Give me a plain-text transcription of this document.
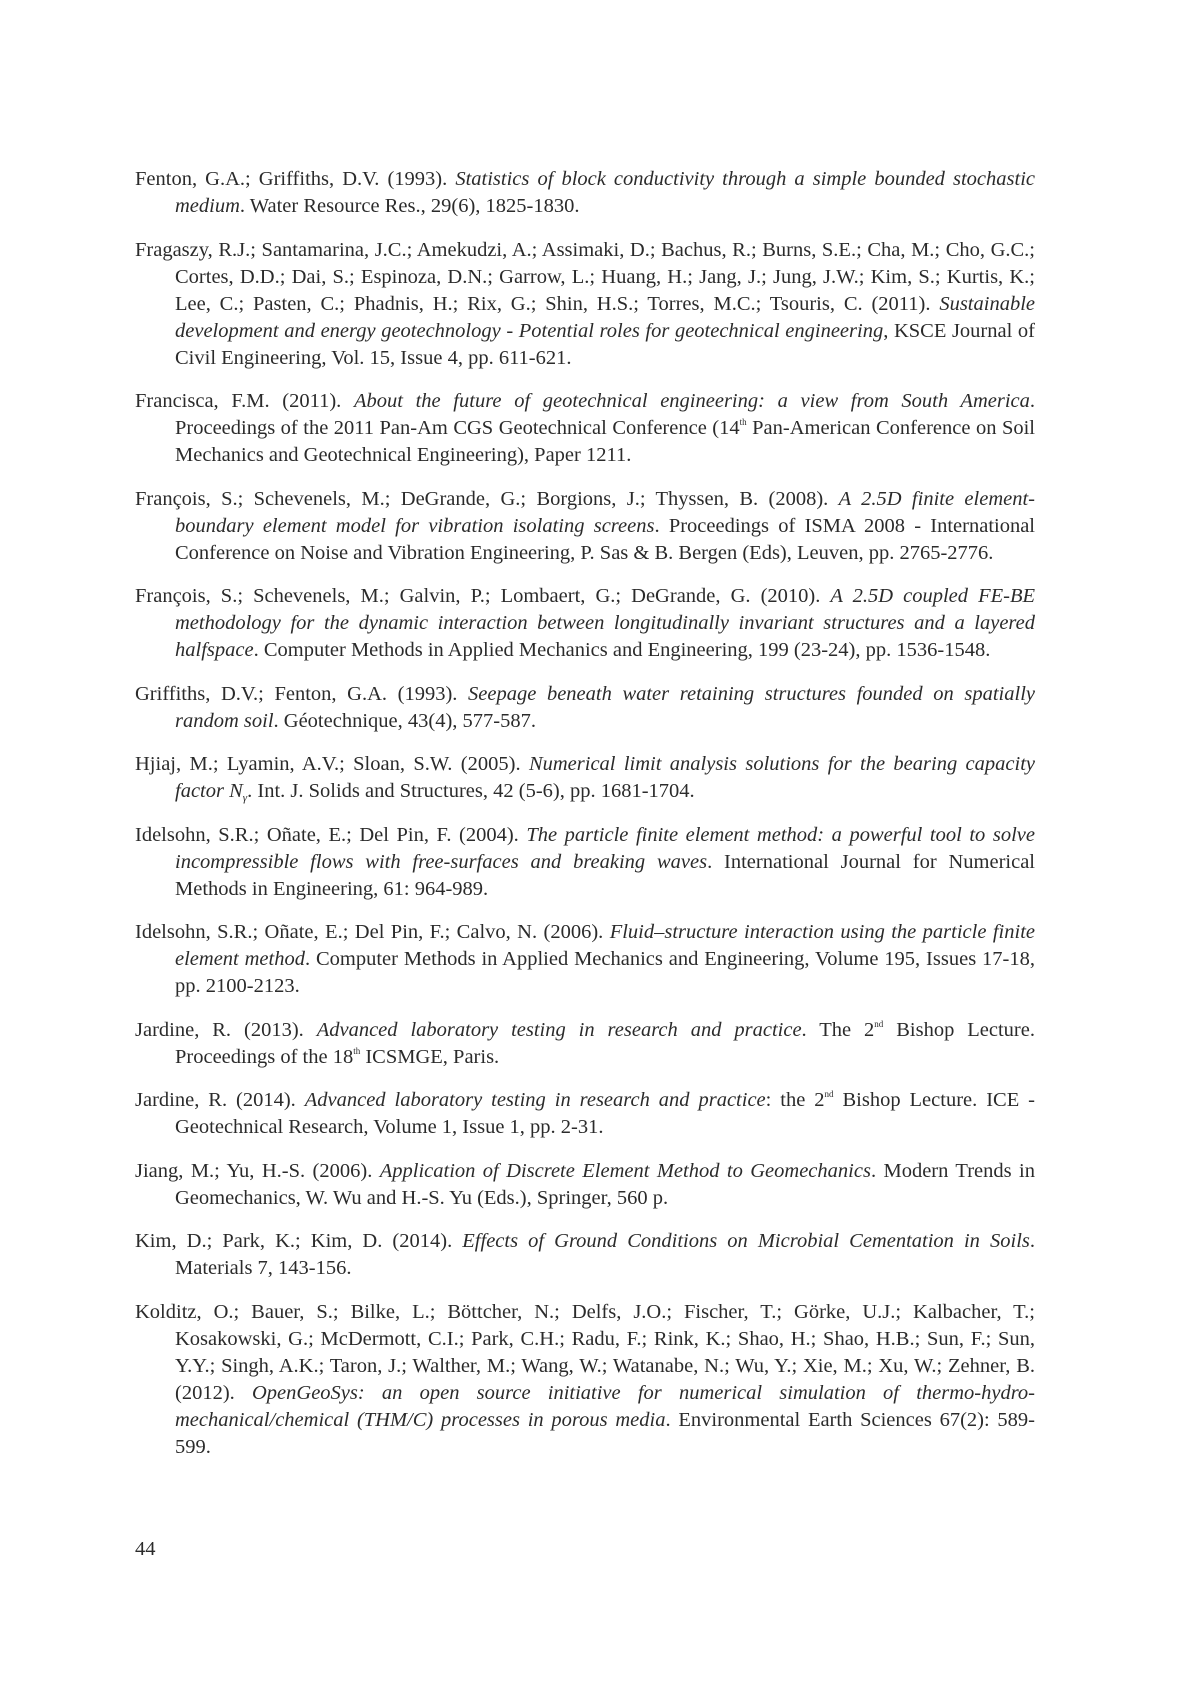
Fenton, G.A.; Griffiths, D.V. (1993). Statistics of block conductivity through a simple bounded stochastic medium. Water Resource Res., 29(6), 1825-1830.

Fragaszy, R.J.; Santamarina, J.C.; Amekudzi, A.; Assimaki, D.; Bachus, R.; Burns, S.E.; Cha, M.; Cho, G.C.; Cortes, D.D.; Dai, S.; Espinoza, D.N.; Garrow, L.; Huang, H.; Jang, J.; Jung, J.W.; Kim, S.; Kurtis, K.; Lee, C.; Pasten, C.; Phadnis, H.; Rix, G.; Shin, H.S.; Torres, M.C.; Tsouris, C. (2011). Sustainable development and energy geotechnology - Potential roles for geotechnical engineering, KSCE Journal of Civil Engineering, Vol. 15, Issue 4, pp. 611-621.

Francisca, F.M. (2011). About the future of geotechnical engineering: a view from South America. Proceedings of the 2011 Pan-Am CGS Geotechnical Conference (14th Pan-American Conference on Soil Mechanics and Geotechnical Engineering), Paper 1211.

François, S.; Schevenels, M.; DeGrande, G.; Borgions, J.; Thyssen, B. (2008). A 2.5D finite element-boundary element model for vibration isolating screens. Proceedings of ISMA 2008 - International Conference on Noise and Vibration Engineering, P. Sas & B. Bergen (Eds), Leuven, pp. 2765-2776.

François, S.; Schevenels, M.; Galvin, P.; Lombaert, G.; DeGrande, G. (2010). A 2.5D coupled FE-BE methodology for the dynamic interaction between longitudinally invariant structures and a layered halfspace. Computer Methods in Applied Mechanics and Engineering, 199 (23-24), pp. 1536-1548.

Griffiths, D.V.; Fenton, G.A. (1993). Seepage beneath water retaining structures founded on spatially random soil. Géotechnique, 43(4), 577-587.

Hjiaj, M.; Lyamin, A.V.; Sloan, S.W. (2005). Numerical limit analysis solutions for the bearing capacity factor $N_\gamma$. Int. J. Solids and Structures, 42 (5-6), pp. 1681-1704.

Idelsohn, S.R.; Oñate, E.; Del Pin, F. (2004). The particle finite element method: a powerful tool to solve incompressible flows with free-surfaces and breaking waves. International Journal for Numerical Methods in Engineering, 61: 964-989.

Idelsohn, S.R.; Oñate, E.; Del Pin, F.; Calvo, N. (2006). Fluid–structure interaction using the particle finite element method. Computer Methods in Applied Mechanics and Engineering, Volume 195, Issues 17-18, pp. 2100-2123.

Jardine, R. (2013). Advanced laboratory testing in research and practice. The 2nd Bishop Lecture. Proceedings of the 18th ICSMGE, Paris.

Jardine, R. (2014). Advanced laboratory testing in research and practice: the 2nd Bishop Lecture. ICE - Geotechnical Research, Volume 1, Issue 1, pp. 2-31.

Jiang, M.; Yu, H.-S. (2006). Application of Discrete Element Method to Geomechanics. Modern Trends in Geomechanics, W. Wu and H.-S. Yu (Eds.), Springer, 560 p.

Kim, D.; Park, K.; Kim, D. (2014). Effects of Ground Conditions on Microbial Cementation in Soils. Materials 7, 143-156.

Kolditz, O.; Bauer, S.; Bilke, L.; Böttcher, N.; Delfs, J.O.; Fischer, T.; Görke, U.J.; Kalbacher, T.; Kosakowski, G.; McDermott, C.I.; Park, C.H.; Radu, F.; Rink, K.; Shao, H.; Shao, H.B.; Sun, F.; Sun, Y.Y.; Singh, A.K.; Taron, J.; Walther, M.; Wang, W.; Watanabe, N.; Wu, Y.; Xie, M.; Xu, W.; Zehner, B. (2012). OpenGeoSys: an open source initiative for numerical simulation of thermo-hydro-mechanical/chemical (THM/C) processes in porous media. Environmental Earth Sciences 67(2): 589-599.

44
